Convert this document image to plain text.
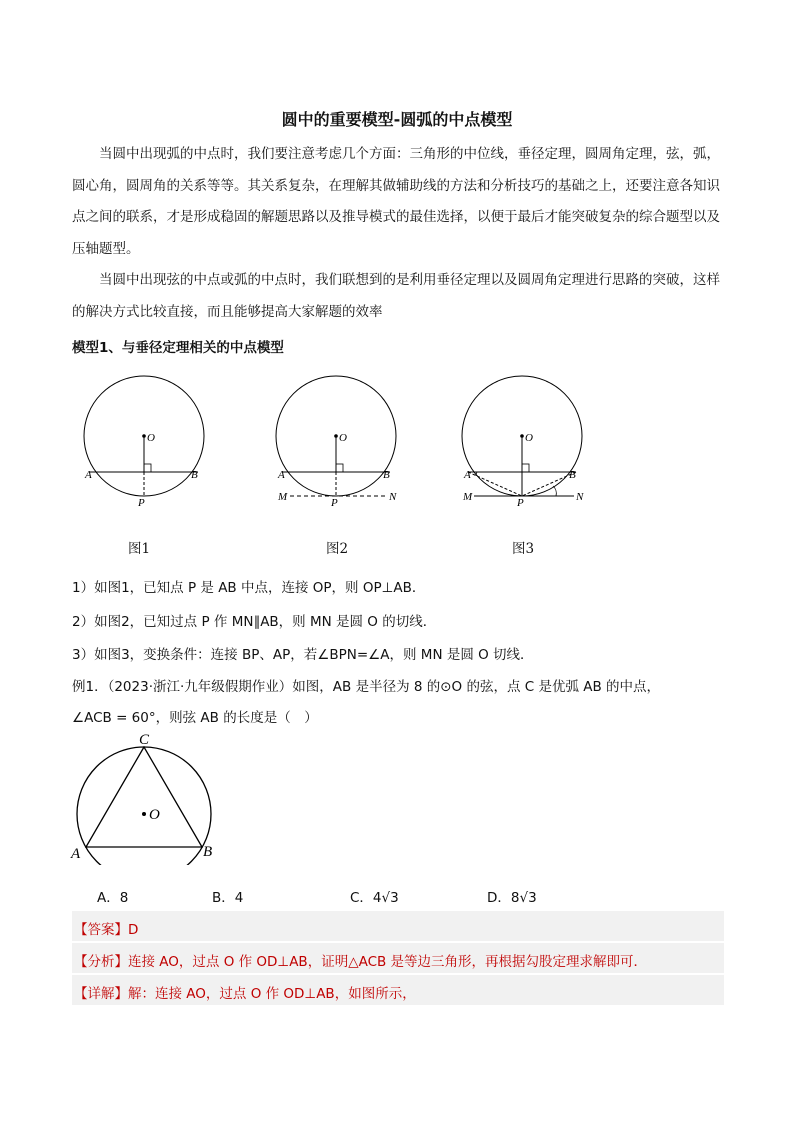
圆中的重要模型-圆弧的中点模型

当圆中出现弧的中点时，我们要注意考虑几个方面：三角形的中位线，垂径定理，圆周角定理，弦，弧，圆心角，圆周角的关系等等。其关系复杂，在理解其做辅助线的方法和分析技巧的基础之上，还要注意各知识点之间的联系，才是形成稳固的解题思路以及推导模式的最佳选择，以便于最后才能突破复杂的综合题型以及压轴题型。

当圆中出现弦的中点或弧的中点时，我们联想到的是利用垂径定理以及圆周角定理进行思路的突破，这样的解决方式比较直接，而且能够提高大家解题的效率

模型1、与垂径定理相关的中点模型
O
A	B
P
O
A	B
M	N
P
O
A	B
M	N
P
图1	图2	图3
1）如图1，已知点 P 是 AB 中点，连接 OP，则 OP⊥AB．
2）如图2，已知过点 P 作 MN∥AB，则 MN 是圆 O 的切线．
3）如图3，变换条件：连接 BP、AP，若∠BPN=∠A，则 MN 是圆 O 切线．
例1．（2023·浙江·九年级假期作业）如图，AB 是半径为 8 的⊙O 的弦，点 C 是优弧 AB 的中点，
∠ACB = 60°，则弦 AB 的长度是（　）
O
C
A	B
A．8	B．4	C．4√3	D．8√3
【答案】D
【分析】连接 AO，过点 O 作 OD⊥AB，证明△ACB 是等边三角形，再根据勾股定理求解即可．
【详解】解：连接 AO，过点 O 作 OD⊥AB，如图所示，
